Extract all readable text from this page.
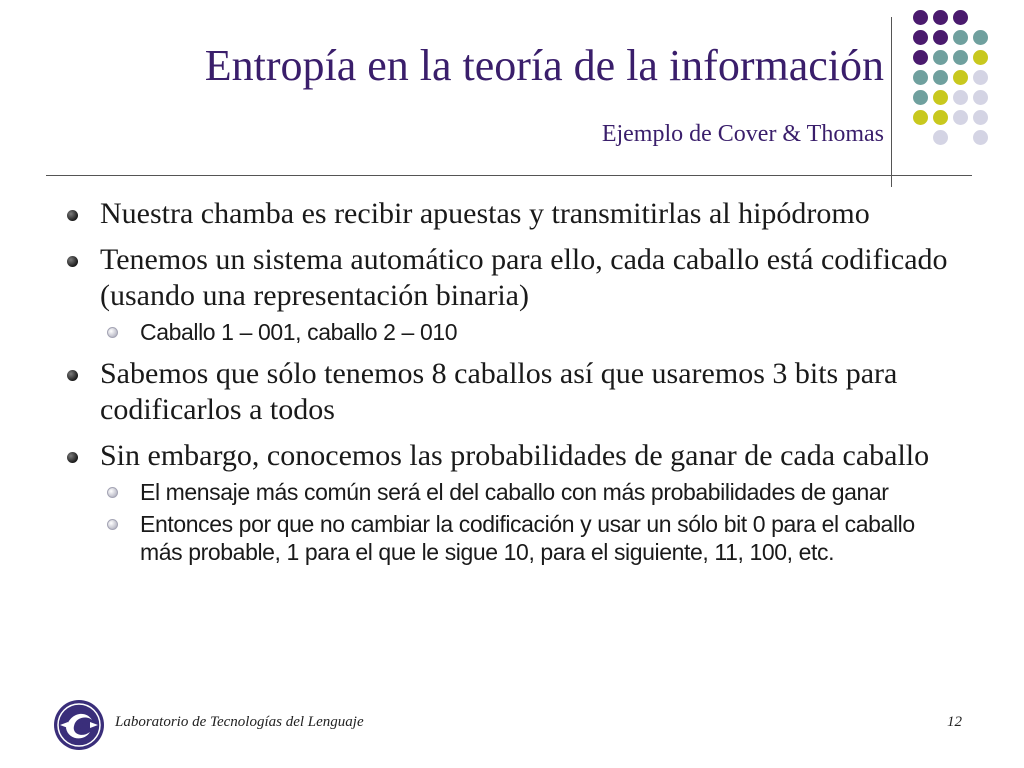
Entropía en la teoría de la información
Ejemplo de Cover & Thomas
Nuestra chamba es recibir apuestas y transmitirlas al hipódromo
Tenemos un sistema automático para ello, cada caballo está codificado (usando una representación binaria)
Caballo 1 – 001, caballo 2 – 010
Sabemos que sólo tenemos 8 caballos así que usaremos 3 bits para codificarlos a todos
Sin embargo, conocemos las probabilidades de ganar de cada caballo
El mensaje más común será el del caballo con más probabilidades de ganar
Entonces por que no cambiar la codificación y usar un sólo bit 0 para el caballo más probable, 1 para el que le sigue 10, para el siguiente, 11, 100, etc.
Laboratorio de Tecnologías del Lenguaje	12
